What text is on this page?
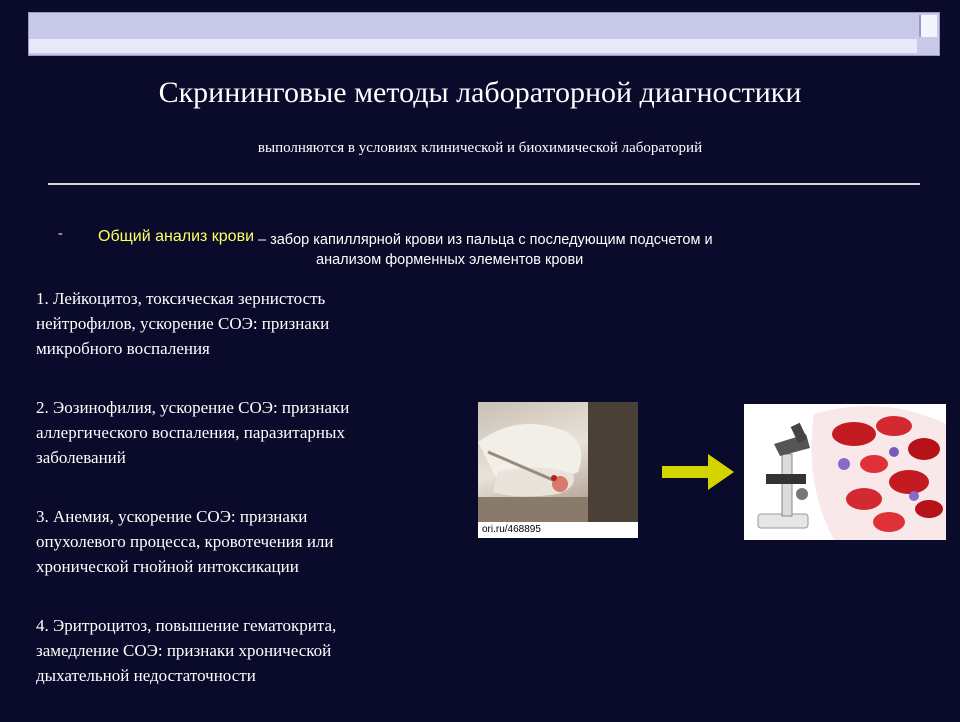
Скрининговые методы лабораторной диагностики
выполняются в условиях клинической и биохимической лабораторий
- Общий анализ крови – забор капиллярной крови из пальца с последующим подсчетом и
анализом форменных элементов крови
1. Лейкоцитоз, токсическая зернистость
нейтрофилов, ускорение СОЭ: признаки
микробного воспаления
2. Эозинофилия, ускорение СОЭ: признаки
аллергического воспаления, паразитарных
заболеваний
3. Анемия, ускорение СОЭ: признаки
опухолевого процесса, кровотечения или
хронической гнойной интоксикации
4. Эритроцитоз, повышение гематокрита,
замедление СОЭ: признаки хронической
дыхательной недостаточности
ori.ru/468895
